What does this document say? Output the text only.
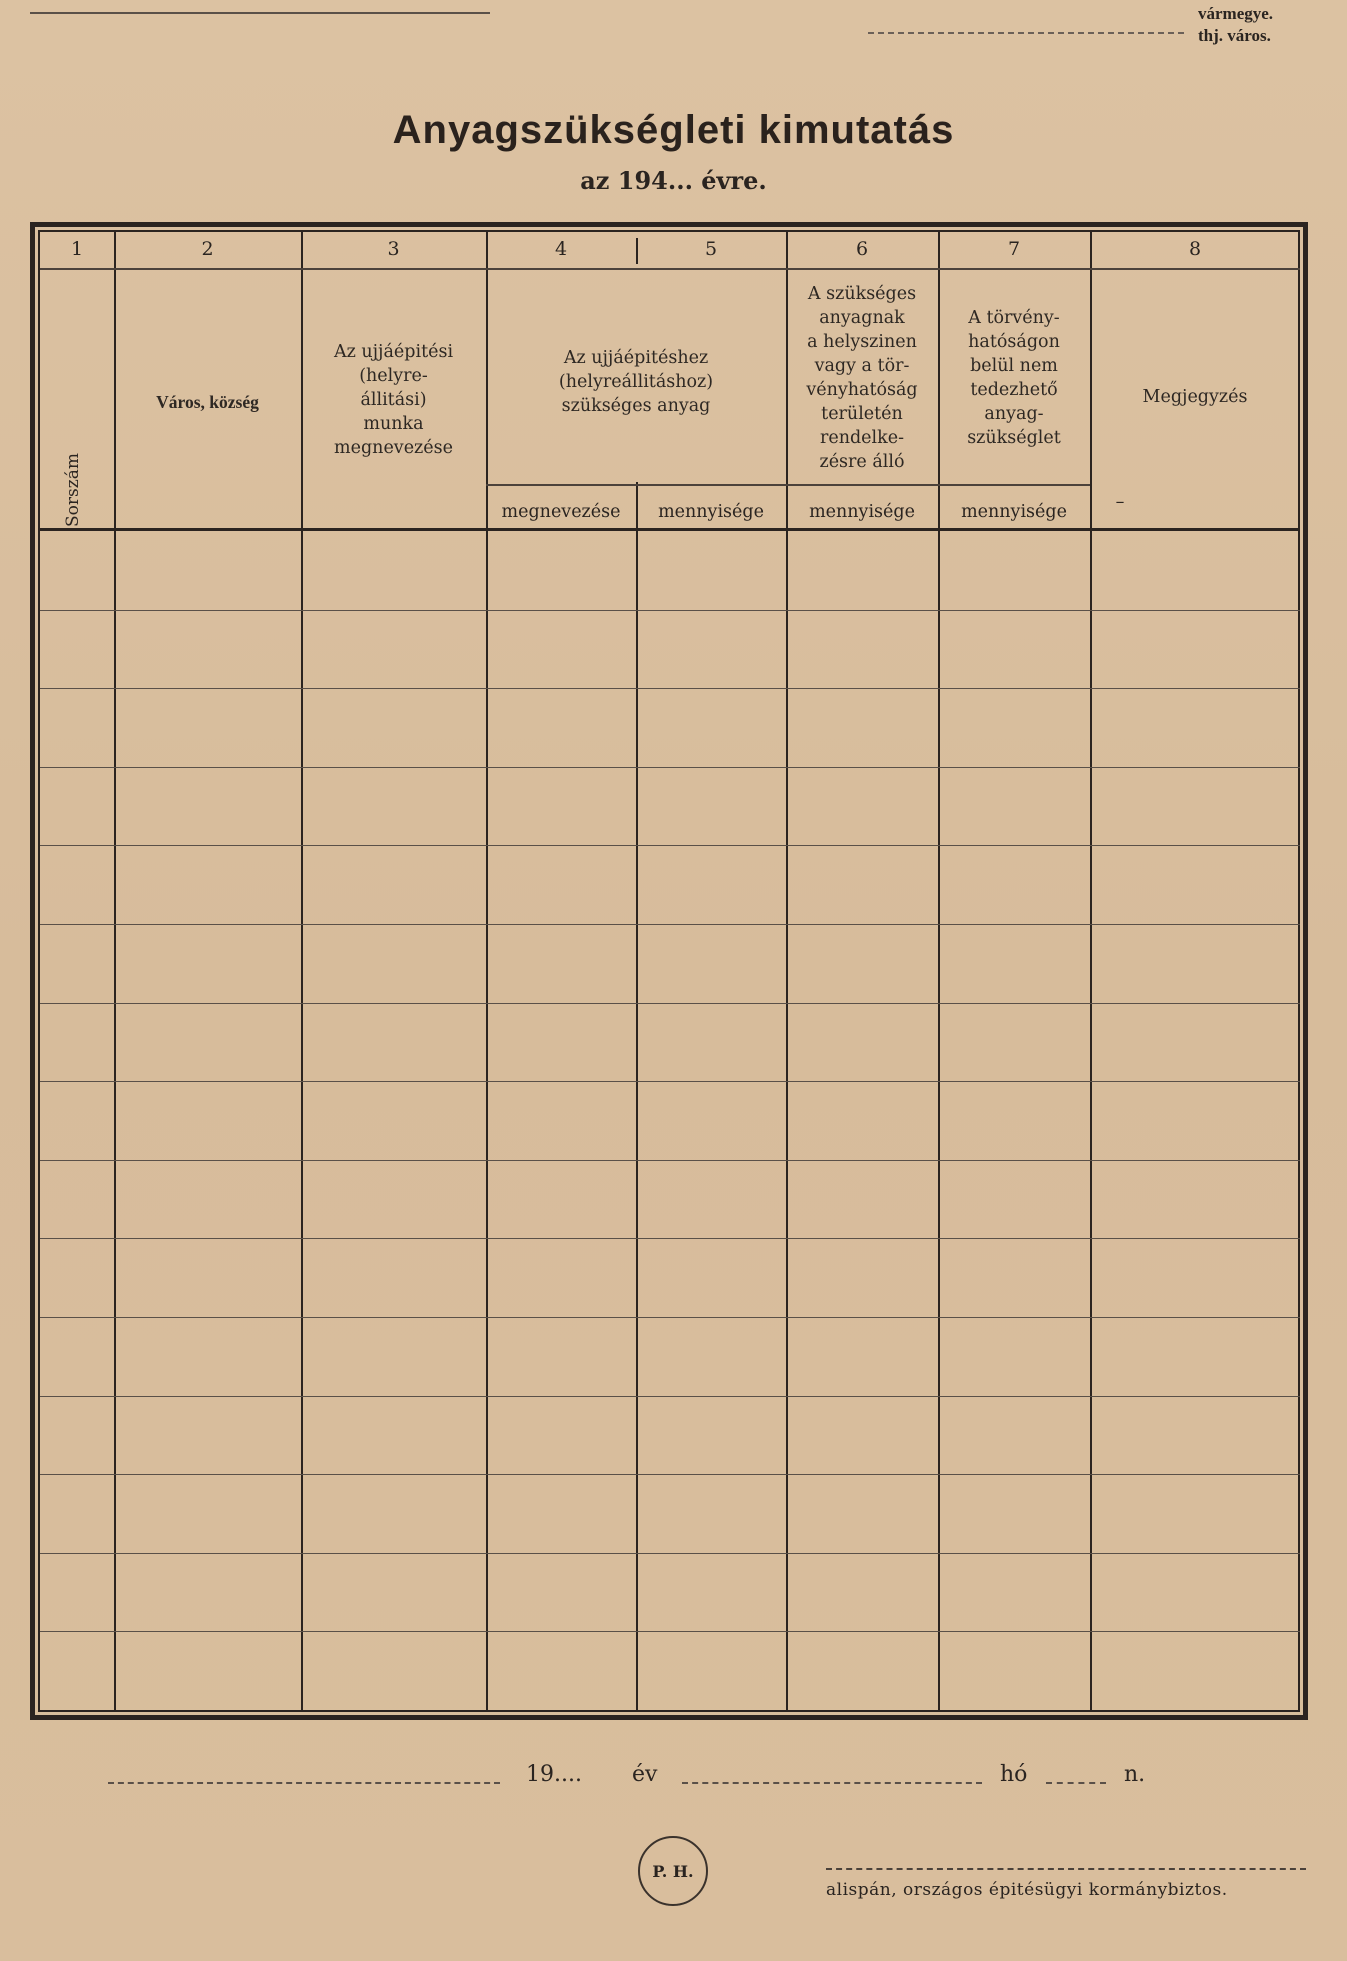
vármegye.
thj. város.
Anyagszükségleti kimutatás
az 194... évre.
1	2	3	4	5	6	7	8
Sorszám
Város, község
Az ujjáépitési
(helyre-
állitási)
munka
megnevezése
Az ujjáépitéshez
(helyreállitáshoz)
szükséges anyag
A szükséges
anyagnak
a helyszinen
vagy a tör-
vényhatóság
területén
rendelke-
zésre álló
A törvény-
hatóságon
belül nem
tedezhető
anyag-
szükséglet
Megjegyzés
megnevezése	mennyisége	mennyisége	mennyisége	–
19.... év	hó	n.
P. H.
alispán, országos épitésügyi kormánybiztos.
